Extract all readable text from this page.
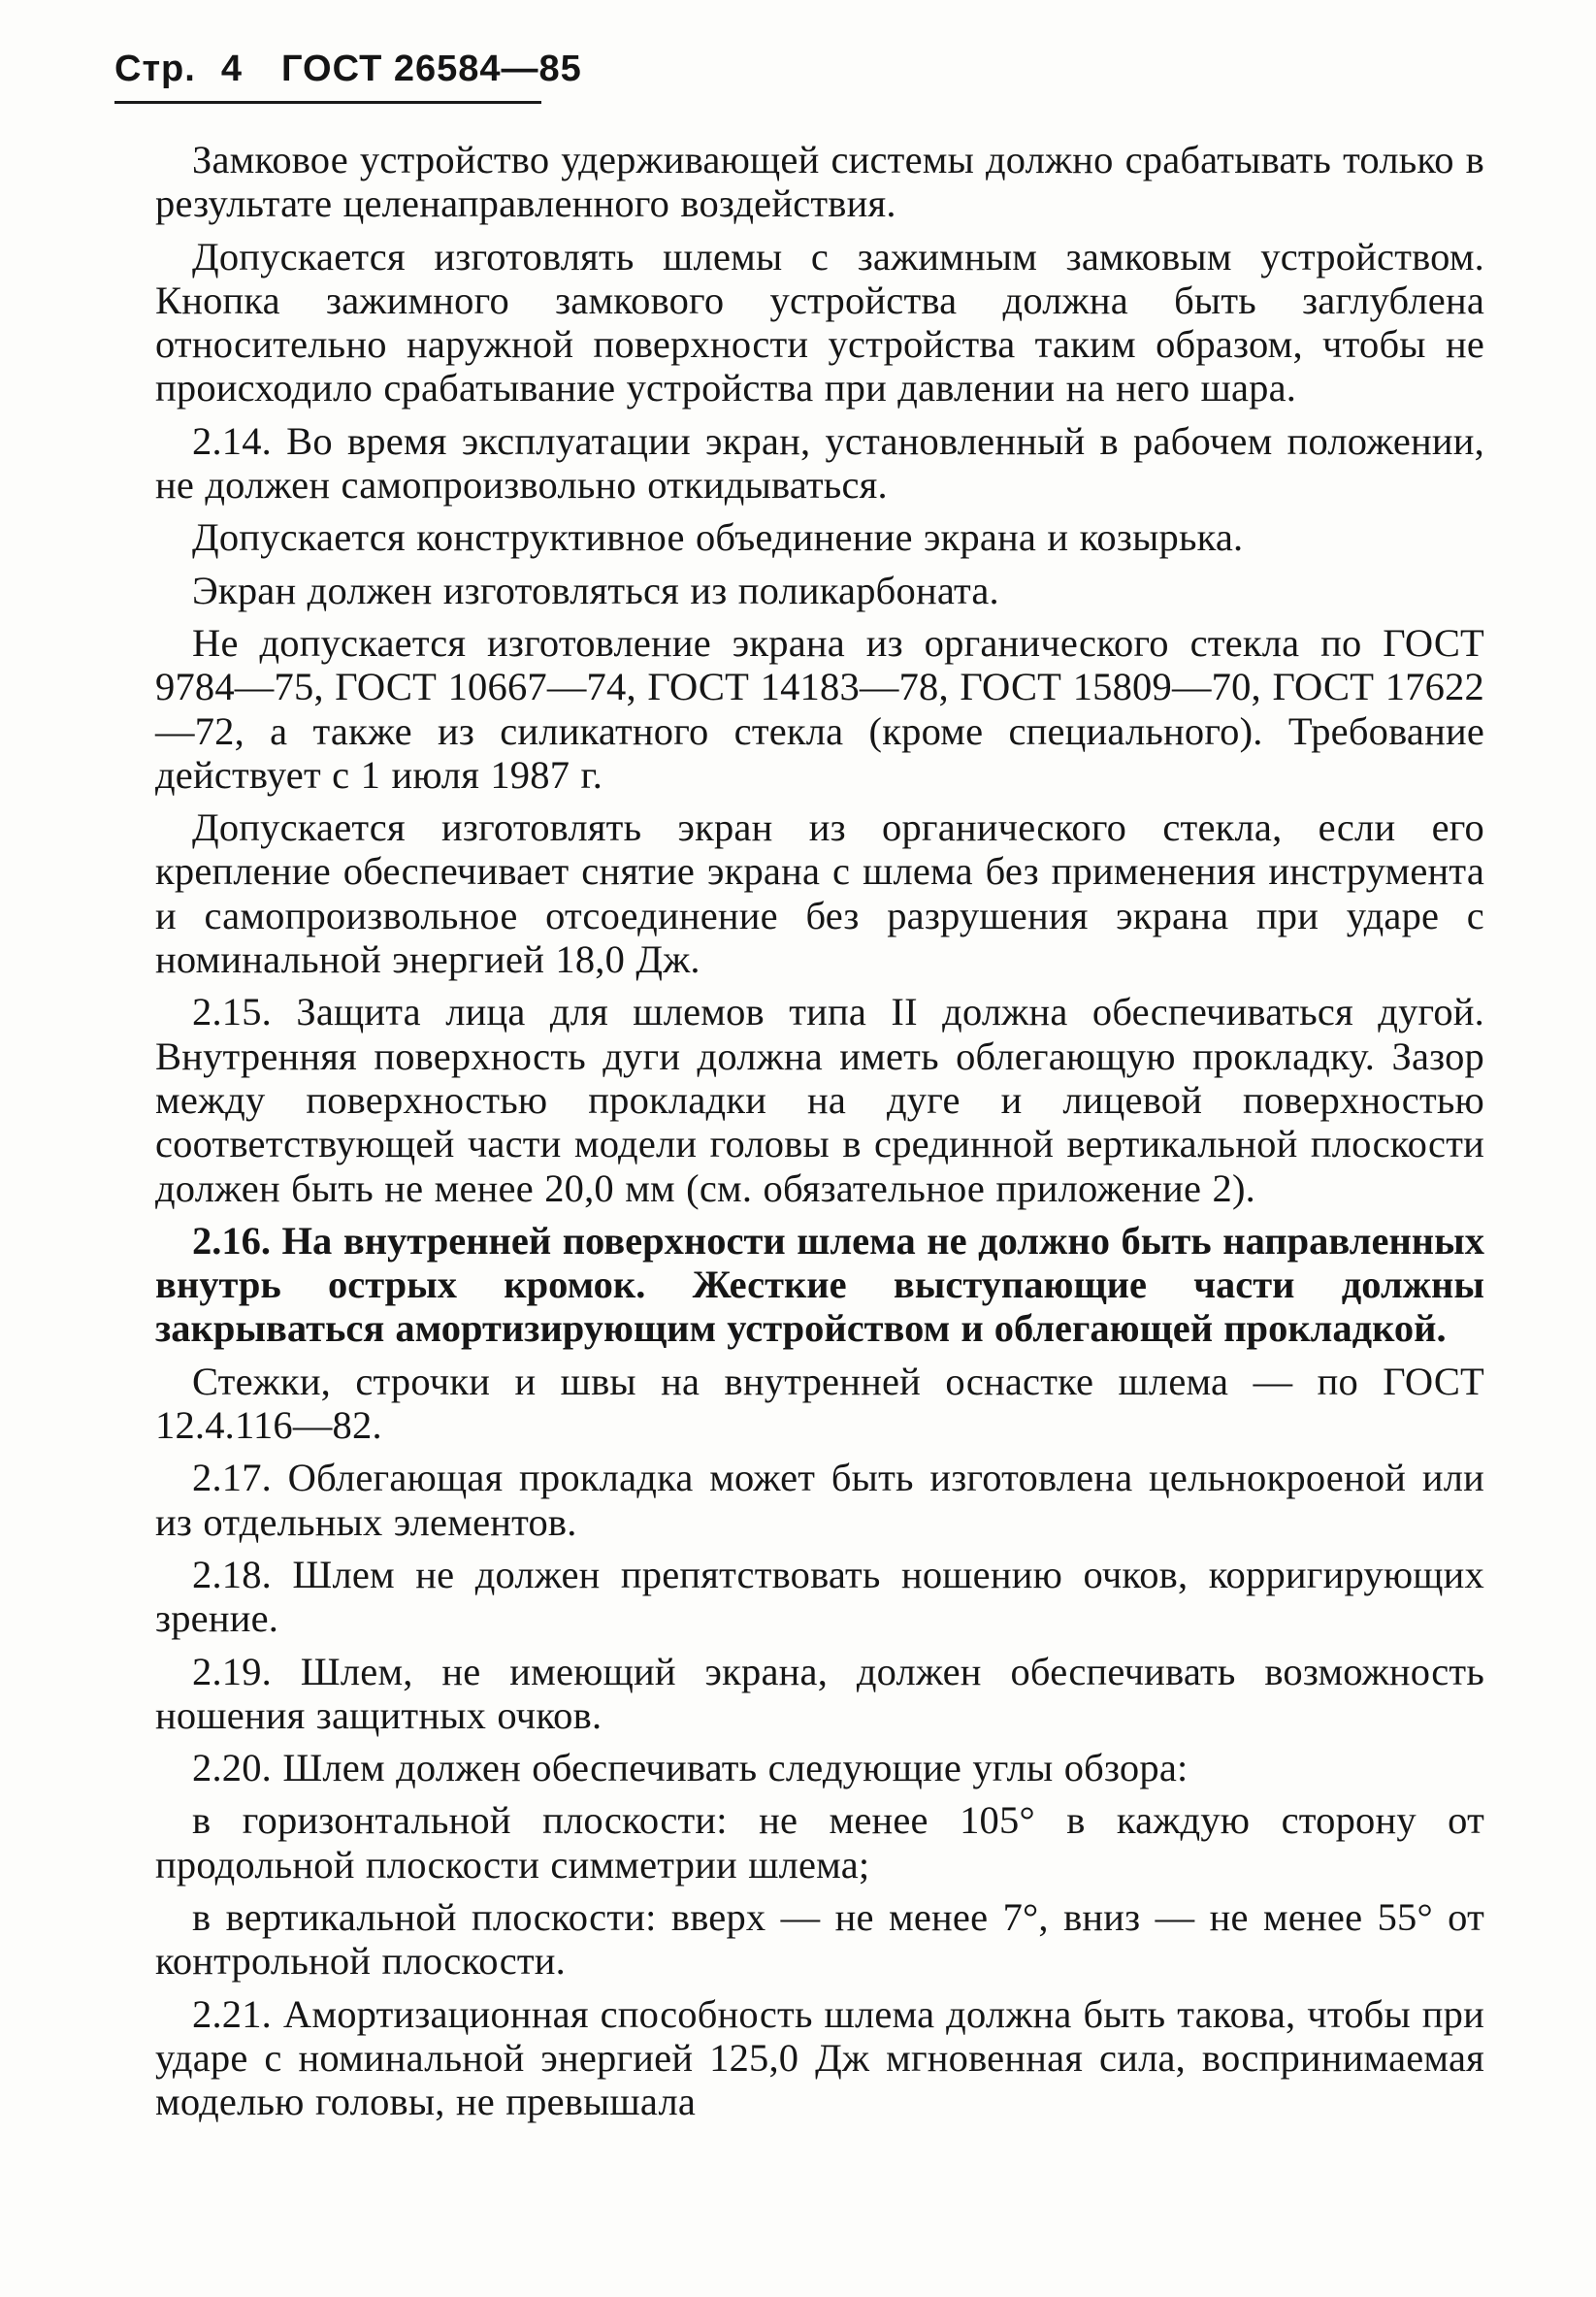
Стр. 4 ГОСТ 26584—85

Замковое устройство удерживающей системы должно срабатывать только в результате целенаправленного воздействия.

Допускается изготовлять шлемы с зажимным замковым устройством. Кнопка зажимного замкового устройства должна быть заглублена относительно наружной поверхности устройства таким образом, чтобы не происходило срабатывание устройства при давлении на него шара.

2.14. Во время эксплуатации экран, установленный в рабочем положении, не должен самопроизвольно откидываться.

Допускается конструктивное объединение экрана и козырька.

Экран должен изготовляться из поликарбоната.

Не допускается изготовление экрана из органического стекла по ГОСТ 9784—75, ГОСТ 10667—74, ГОСТ 14183—78, ГОСТ 15809—70, ГОСТ 17622—72, а также из силикатного стекла (кроме специального). Требование действует с 1 июля 1987 г.

Допускается изготовлять экран из органического стекла, если его крепление обеспечивает снятие экрана с шлема без применения инструмента и самопроизвольное отсоединение без разрушения экрана при ударе с номинальной энергией 18,0 Дж.

2.15. Защита лица для шлемов типа II должна обеспечиваться дугой. Внутренняя поверхность дуги должна иметь облегающую прокладку. Зазор между поверхностью прокладки на дуге и лицевой поверхностью соответствующей части модели головы в срединной вертикальной плоскости должен быть не менее 20,0 мм (см. обязательное приложение 2).

2.16. На внутренней поверхности шлема не должно быть направленных внутрь острых кромок. Жесткие выступающие части должны закрываться амортизирующим устройством и облегающей прокладкой.

Стежки, строчки и швы на внутренней оснастке шлема — по ГОСТ 12.4.116—82.

2.17. Облегающая прокладка может быть изготовлена цельнокроеной или из отдельных элементов.

2.18. Шлем не должен препятствовать ношению очков, корригирующих зрение.

2.19. Шлем, не имеющий экрана, должен обеспечивать возможность ношения защитных очков.

2.20. Шлем должен обеспечивать следующие углы обзора:

в горизонтальной плоскости: не менее 105° в каждую сторону от продольной плоскости симметрии шлема;

в вертикальной плоскости: вверх — не менее 7°, вниз — не менее 55° от контрольной плоскости.

2.21. Амортизационная способность шлема должна быть такова, чтобы при ударе с номинальной энергией 125,0 Дж мгновенная сила, воспринимаемая моделью головы, не превышала
